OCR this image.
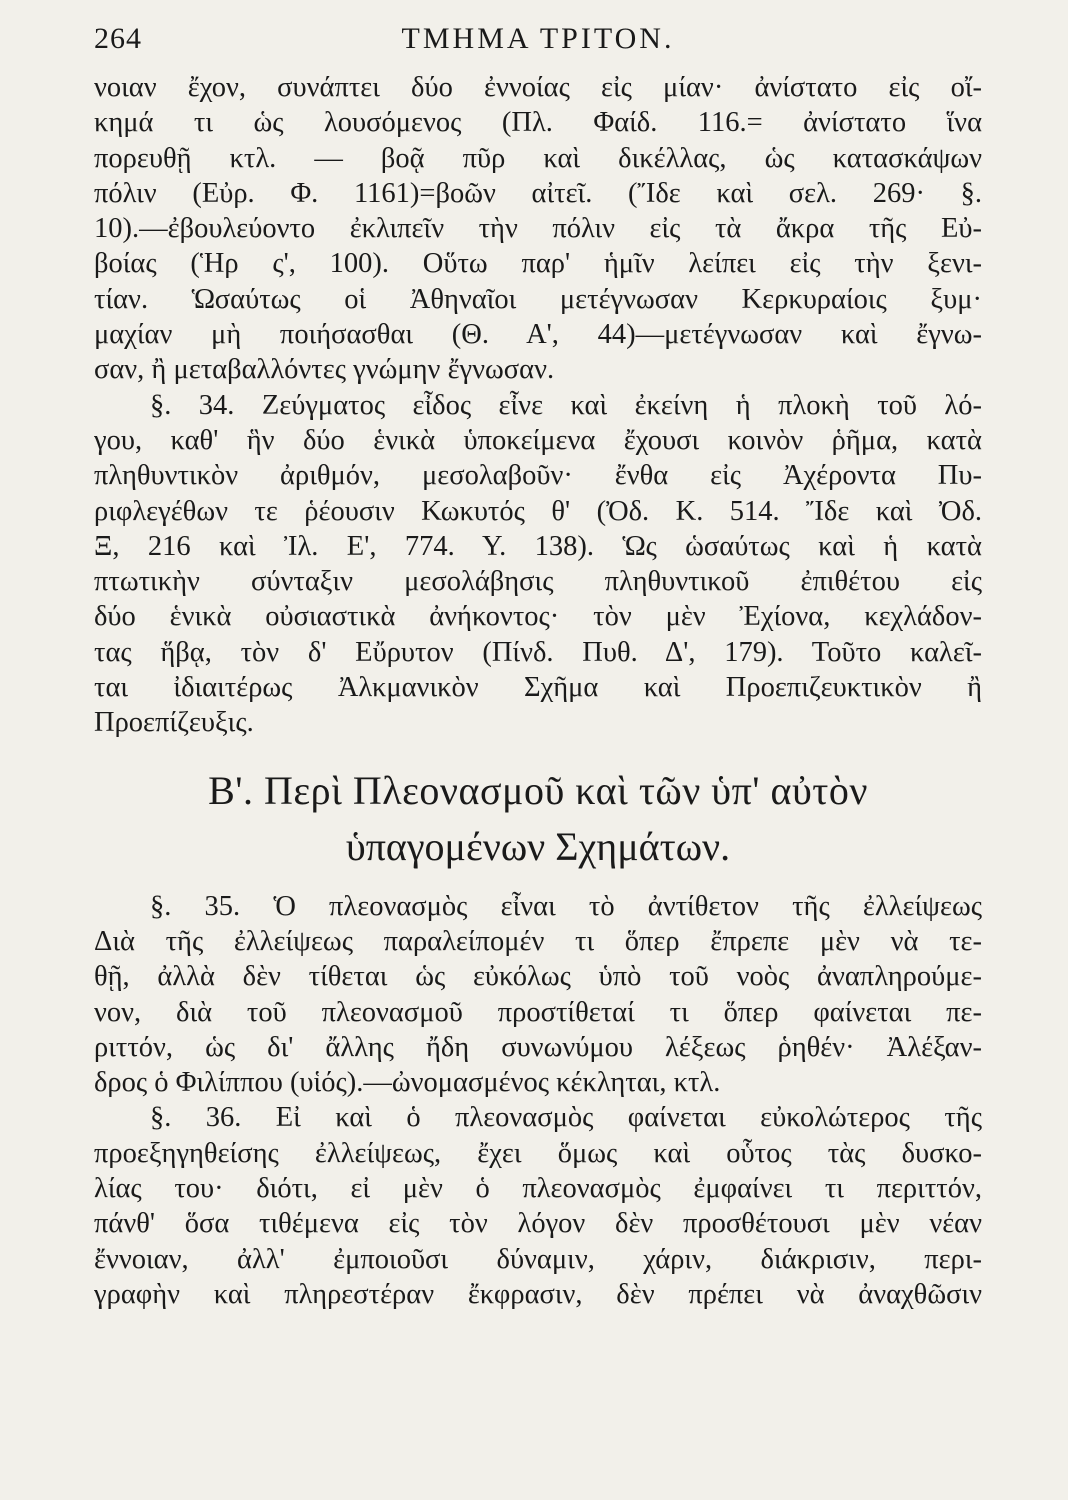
ΤΜΗΜΑ ΤΡΙΤΟΝ.
264
νοιαν ἔχον, συνάπτει δύο ἐννοίας εἰς μίαν· ἀνίστατο εἰς οἴ-
κημά τι ὡς λουσόμενος (Πλ. Φαίδ. 116.= ἀνίστατο ἵνα
πορευθῇ κτλ. — βοᾷ πῦρ καὶ δικέλλας, ὡς κατασκάψων
πόλιν (Εὐρ. Φ. 1161)=βοῶν αἰτεῖ. (Ἴδε καὶ σελ. 269· §.
10).—ἐβουλεύοντο ἐκλιπεῖν τὴν πόλιν εἰς τὰ ἄκρα τῆς Εὐ-
βοίας (Ἡρ ς', 100). Οὕτω παρ' ἡμῖν λείπει εἰς τὴν ξενι-
τίαν. Ὡσαύτως οἱ Ἀθηναῖοι μετέγνωσαν Κερκυραίοις ξυμ·
μαχίαν μὴ ποιήσασθαι (Θ. Α', 44)—μετέγνωσαν καὶ ἔγνω-
σαν, ἢ μεταβαλλόντες γνώμην ἔγνωσαν.
§. 34. Ζεύγματος εἶδος εἶνε καὶ ἐκείνη ἡ πλοκὴ τοῦ λό-
γου, καθ' ἣν δύο ἑνικὰ ὑποκείμενα ἔχουσι κοινὸν ῥῆμα, κατὰ
πληθυντικὸν ἀριθμόν, μεσολαβοῦν· ἔνθα εἰς Ἀχέροντα Πυ-
ριφλεγέθων τε ῥέουσιν Κωκυτός θ' (Ὀδ. Κ. 514. Ἴδε καὶ Ὀδ.
Ξ, 216 καὶ Ἰλ. Ε', 774. Υ. 138). Ὡς ὡσαύτως καὶ ἡ κατὰ
πτωτικὴν σύνταξιν μεσολάβησις πληθυντικοῦ ἐπιθέτου εἰς
δύο ἑνικὰ οὐσιαστικὰ ἀνήκοντος· τὸν μὲν Ἐχίονα, κεχλάδον-
τας ἥβᾳ, τὸν δ' Εὔρυτον (Πίνδ. Πυθ. Δ', 179). Τοῦτο καλεῖ-
ται ἰδιαιτέρως Ἀλκμανικὸν Σχῆμα καὶ Προεπιζευκτικὸν ἢ
Προεπίζευξις.
Β'. Περὶ Πλεονασμοῦ καὶ τῶν ὑπ' αὐτὸν
ὑπαγομένων Σχημάτων.
§. 35. Ὁ πλεονασμὸς εἶναι τὸ ἀντίθετον τῆς ἐλλείψεως
Διὰ τῆς ἐλλείψεως παραλείπομέν τι ὅπερ ἔπρεπε μὲν νὰ τε-
θῇ, ἀλλὰ δὲν τίθεται ὡς εὐκόλως ὑπὸ τοῦ νοὸς ἀναπληρούμε-
νον, διὰ τοῦ πλεονασμοῦ προστίθεταί τι ὅπερ φαίνεται πε-
ριττόν, ὡς δι' ἄλλης ἤδη συνωνύμου λέξεως ῥηθέν· Ἀλέξαν-
δρος ὁ Φιλίππου (υἱός).—ὠνομασμένος κέκληται, κτλ.
§. 36. Εἰ καὶ ὁ πλεονασμὸς φαίνεται εὐκολώτερος τῆς
προεξηγηθείσης ἐλλείψεως, ἔχει ὅμως καὶ οὗτος τὰς δυσκο-
λίας του· διότι, εἰ μὲν ὁ πλεονασμὸς ἐμφαίνει τι περιττόν,
πάνθ' ὅσα τιθέμενα εἰς τὸν λόγον δὲν προσθέτουσι μὲν νέαν
ἔννοιαν, ἀλλ' ἐμποιοῦσι δύναμιν, χάριν, διάκρισιν, περι-
γραφὴν καὶ πληρεστέραν ἔκφρασιν, δὲν πρέπει νὰ ἀναχθῶσιν
